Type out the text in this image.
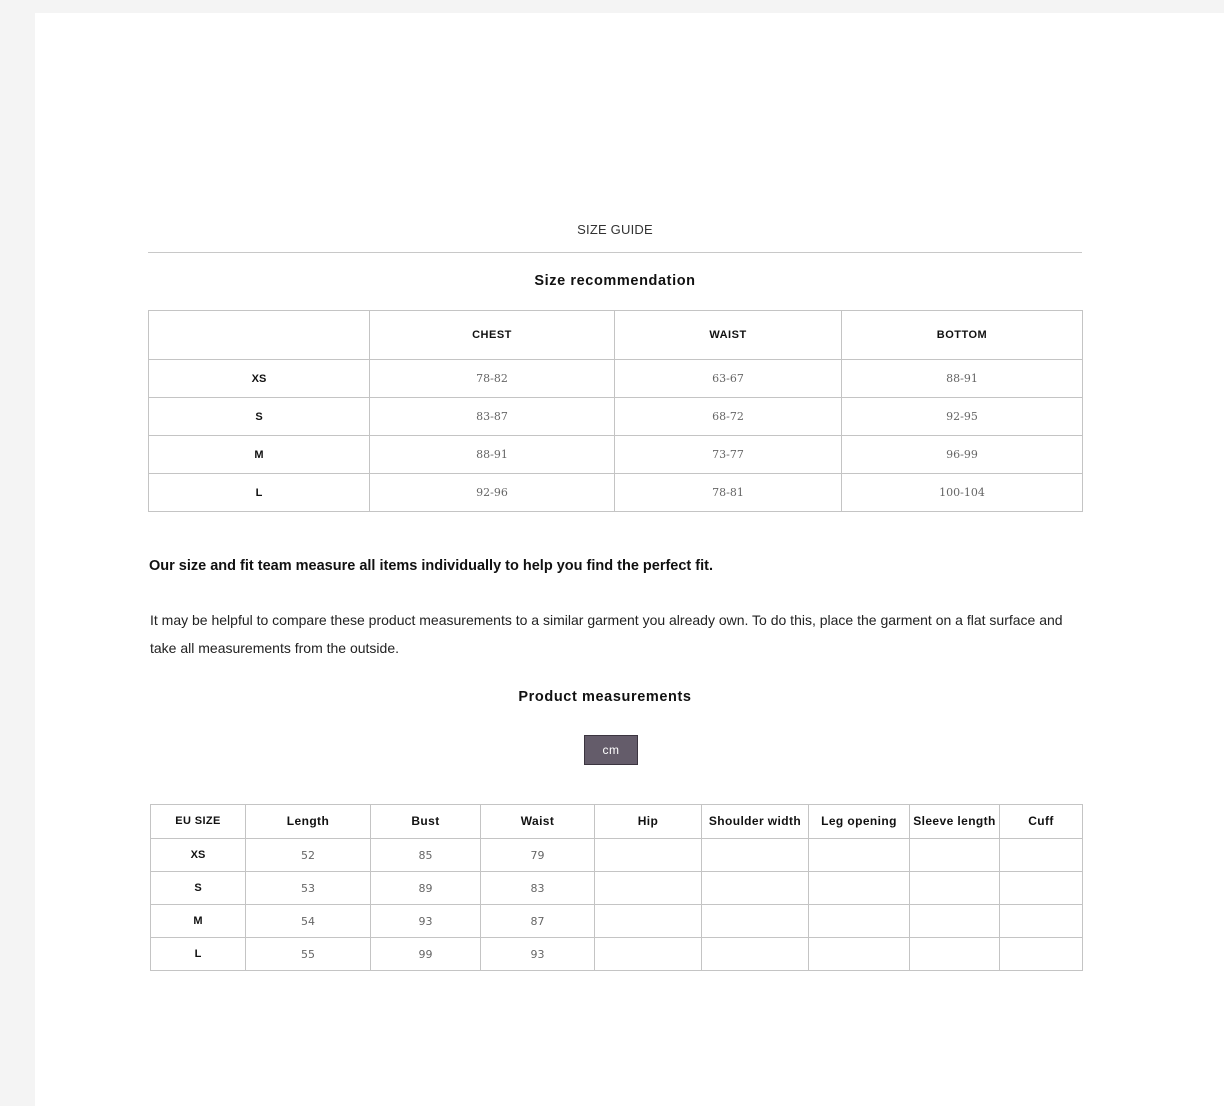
SIZE GUIDE
Size recommendation
	CHEST	WAIST	BOTTOM
XS	78-82	63-67	88-91
S	83-87	68-72	92-95
M	88-91	73-77	96-99
L	92-96	78-81	100-104
Our size and fit team measure all items individually to help you find the perfect fit.
It may be helpful to compare these product measurements to a similar garment you already own. To do this, place the garment on a flat surface and take all measurements from the outside.
Product measurements
cm
EU SIZE	Length	Bust	Waist	Hip	Shoulder width	Leg opening	Sleeve length	Cuff
XS	52	85	79					
S	53	89	83					
M	54	93	87					
L	55	99	93					
